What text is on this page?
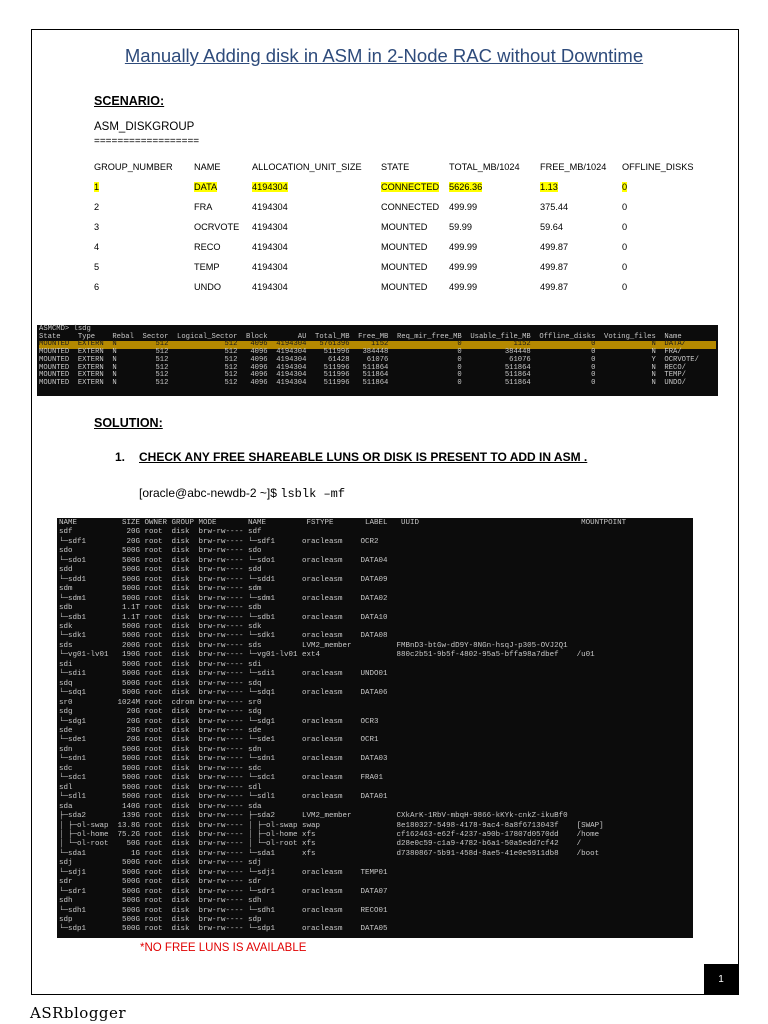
Manually Adding disk in ASM in 2-Node RAC without Downtime
SCENARIO:
ASM_DISKGROUP
==================
GROUP_NUMBER	NAME	ALLOCATION_UNIT_SIZE	STATE	TOTAL_MB/1024	FREE_MB/1024	OFFLINE_DISKS
1	DATA	4194304	CONNECTED	5626.36	1.13	0
2	FRA	4194304	CONNECTED	499.99	375.44	0
3	OCRVOTE	4194304	MOUNTED	59.99	59.64	0
4	RECO	4194304	MOUNTED	499.99	499.87	0
5	TEMP	4194304	MOUNTED	499.99	499.87	0
6	UNDO	4194304	MOUNTED	499.99	499.87	0
ASMCMD> lsdg
State    Type    Rebal  Sector  Logical_Sector  Block       AU  Total_MB  Free_MB  Req_mir_free_MB  Usable_file_MB  Offline_disks  Voting_files  Name
MOUNTED  EXTERN  N         512             512   4096  4194304   5761396     1152                0            1152              0             N  DATA/
MOUNTED  EXTERN  N         512             512   4096  4194304    511996   384448                0          384448              0             N  FRA/
MOUNTED  EXTERN  N         512             512   4096  4194304     61428    61076                0           61076              0             Y  OCRVOTE/
MOUNTED  EXTERN  N         512             512   4096  4194304    511996   511864                0          511864              0             N  RECO/
MOUNTED  EXTERN  N         512             512   4096  4194304    511996   511864                0          511864              0             N  TEMP/
MOUNTED  EXTERN  N         512             512   4096  4194304    511996   511864                0          511864              0             N  UNDO/

SOLUTION:
1. CHECK ANY FREE SHAREABLE LUNS OR DISK IS PRESENT TO ADD IN ASM .
[oracle@abc-newdb-2 ~]$ lsblk –mf
NAME          SIZE OWNER GROUP MODE       NAME         FSTYPE       LABEL   UUID                                    MOUNTPOINT
sdf            20G root  disk  brw-rw---- sdf
└─sdf1         20G root  disk  brw-rw---- └─sdf1      oracleasm    OCR2
sdo           500G root  disk  brw-rw---- sdo
└─sdo1        500G root  disk  brw-rw---- └─sdo1      oracleasm    DATA04
sdd           500G root  disk  brw-rw---- sdd
└─sdd1        500G root  disk  brw-rw---- └─sdd1      oracleasm    DATA09
sdm           500G root  disk  brw-rw---- sdm
└─sdm1        500G root  disk  brw-rw---- └─sdm1      oracleasm    DATA02
sdb           1.1T root  disk  brw-rw---- sdb
└─sdb1        1.1T root  disk  brw-rw---- └─sdb1      oracleasm    DATA10
sdk           500G root  disk  brw-rw---- sdk
└─sdk1        500G root  disk  brw-rw---- └─sdk1      oracleasm    DATA08
sds           200G root  disk  brw-rw---- sds         LVM2_member          FMBnD3-btGw-dD9Y-8NGn-hsqJ-p305-OVJ2Q1
└─vg01-lv01   190G root  disk  brw-rw---- └─vg01-lv01 ext4                 880c2b51-9b5f-4802-95a5-bffa98a7dbef    /u01
sdi           500G root  disk  brw-rw---- sdi
└─sdi1        500G root  disk  brw-rw---- └─sdi1      oracleasm    UNDO01
sdq           500G root  disk  brw-rw---- sdq
└─sdq1        500G root  disk  brw-rw---- └─sdq1      oracleasm    DATA06
sr0          1024M root  cdrom brw-rw---- sr0
sdg            20G root  disk  brw-rw---- sdg
└─sdg1         20G root  disk  brw-rw---- └─sdg1      oracleasm    OCR3
sde            20G root  disk  brw-rw---- sde
└─sde1         20G root  disk  brw-rw---- └─sde1      oracleasm    OCR1
sdn           500G root  disk  brw-rw---- sdn
└─sdn1        500G root  disk  brw-rw---- └─sdn1      oracleasm    DATA03
sdc           500G root  disk  brw-rw---- sdc
└─sdc1        500G root  disk  brw-rw---- └─sdc1      oracleasm    FRA01
sdl           500G root  disk  brw-rw---- sdl
└─sdl1        500G root  disk  brw-rw---- └─sdl1      oracleasm    DATA01
sda           140G root  disk  brw-rw---- sda
├─sda2        139G root  disk  brw-rw---- ├─sda2      LVM2_member          CXkArK-1RbV-mbqH-9866-kKYk-cnkZ-ikuBf0
│ ├─ol-swap  13.8G root  disk  brw-rw---- │ ├─ol-swap swap                 8e180327-5498-4178-9ac4-8a8f6713043f    [SWAP]
│ ├─ol-home  75.2G root  disk  brw-rw---- │ ├─ol-home xfs                  cf162463-e62f-4237-a90b-17807d0570dd    /home
│ └─ol-root    50G root  disk  brw-rw---- │ └─ol-root xfs                  d28e0c59-c1a9-4782-b6a1-50a5edd7cf42    /
└─sda1          1G root  disk  brw-rw---- └─sda1      xfs                  d7380867-5b91-458d-8ae5-41e0e5911db8    /boot
sdj           500G root  disk  brw-rw---- sdj
└─sdj1        500G root  disk  brw-rw---- └─sdj1      oracleasm    TEMP01
sdr           500G root  disk  brw-rw---- sdr
└─sdr1        500G root  disk  brw-rw---- └─sdr1      oracleasm    DATA07
sdh           500G root  disk  brw-rw---- sdh
└─sdh1        500G root  disk  brw-rw---- └─sdh1      oracleasm    RECO01
sdp           500G root  disk  brw-rw---- sdp
└─sdp1        500G root  disk  brw-rw---- └─sdp1      oracleasm    DATA05

*NO FREE LUNS IS AVAILABLE
1
ASRblogger
